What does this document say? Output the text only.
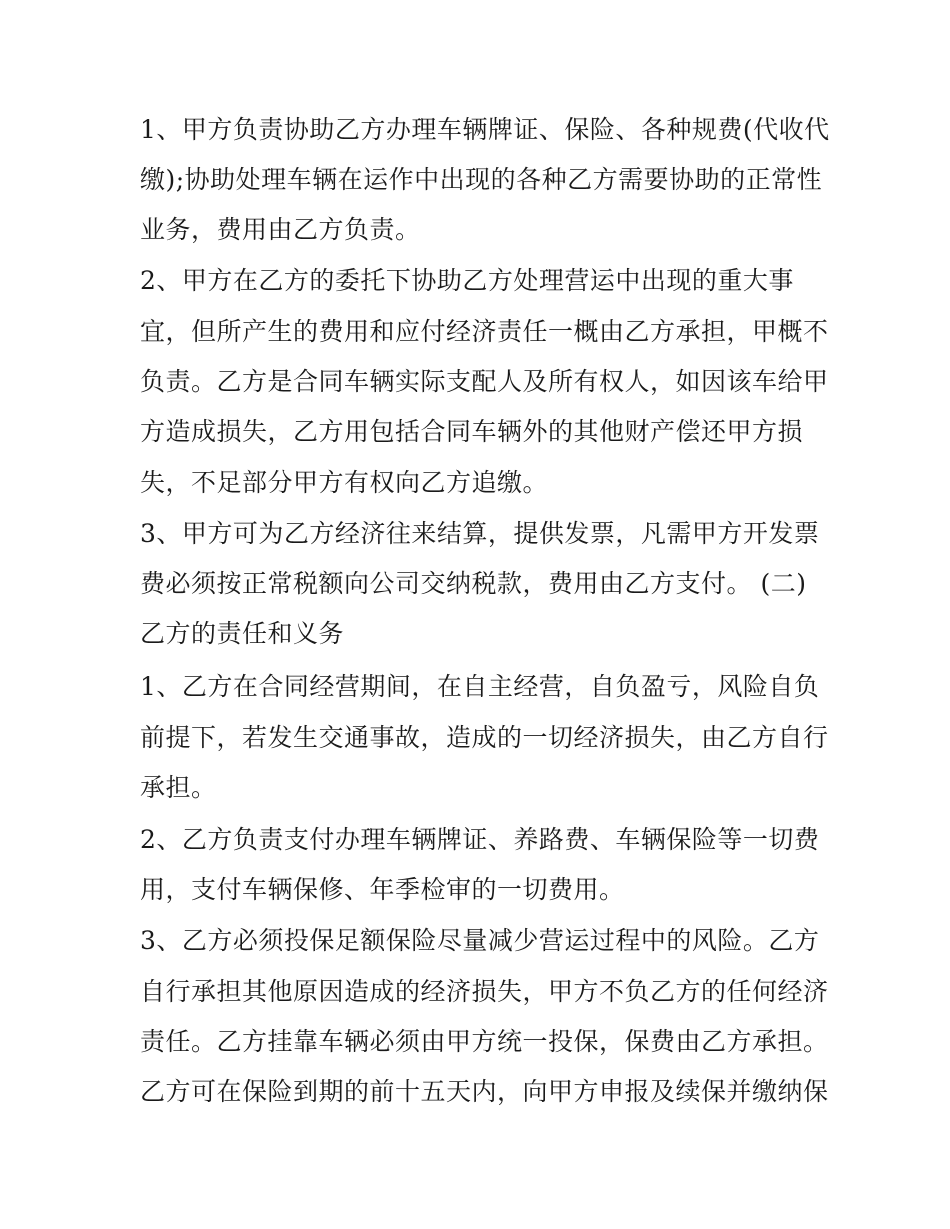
1、甲方负责协助乙方办理车辆牌证、保险、各种规费(代收代
缴);协助处理车辆在运作中出现的各种乙方需要协助的正常性
业务，费用由乙方负责。
2、甲方在乙方的委托下协助乙方处理营运中出现的重大事
宜，但所产生的费用和应付经济责任一概由乙方承担，甲概不
负责。乙方是合同车辆实际支配人及所有权人，如因该车给甲
方造成损失，乙方用包括合同车辆外的其他财产偿还甲方损
失，不足部分甲方有权向乙方追缴。
3、甲方可为乙方经济往来结算，提供发票，凡需甲方开发票
费必须按正常税额向公司交纳税款，费用由乙方支付。 (二)
乙方的责任和义务
1、乙方在合同经营期间，在自主经营，自负盈亏，风险自负
前提下，若发生交通事故，造成的一切经济损失，由乙方自行
承担。
2、乙方负责支付办理车辆牌证、养路费、车辆保险等一切费
用，支付车辆保修、年季检审的一切费用。
3、乙方必须投保足额保险尽量减少营运过程中的风险。乙方
自行承担其他原因造成的经济损失，甲方不负乙方的任何经济
责任。乙方挂靠车辆必须由甲方统一投保，保费由乙方承担。
乙方可在保险到期的前十五天内，向甲方申报及续保并缴纳保
